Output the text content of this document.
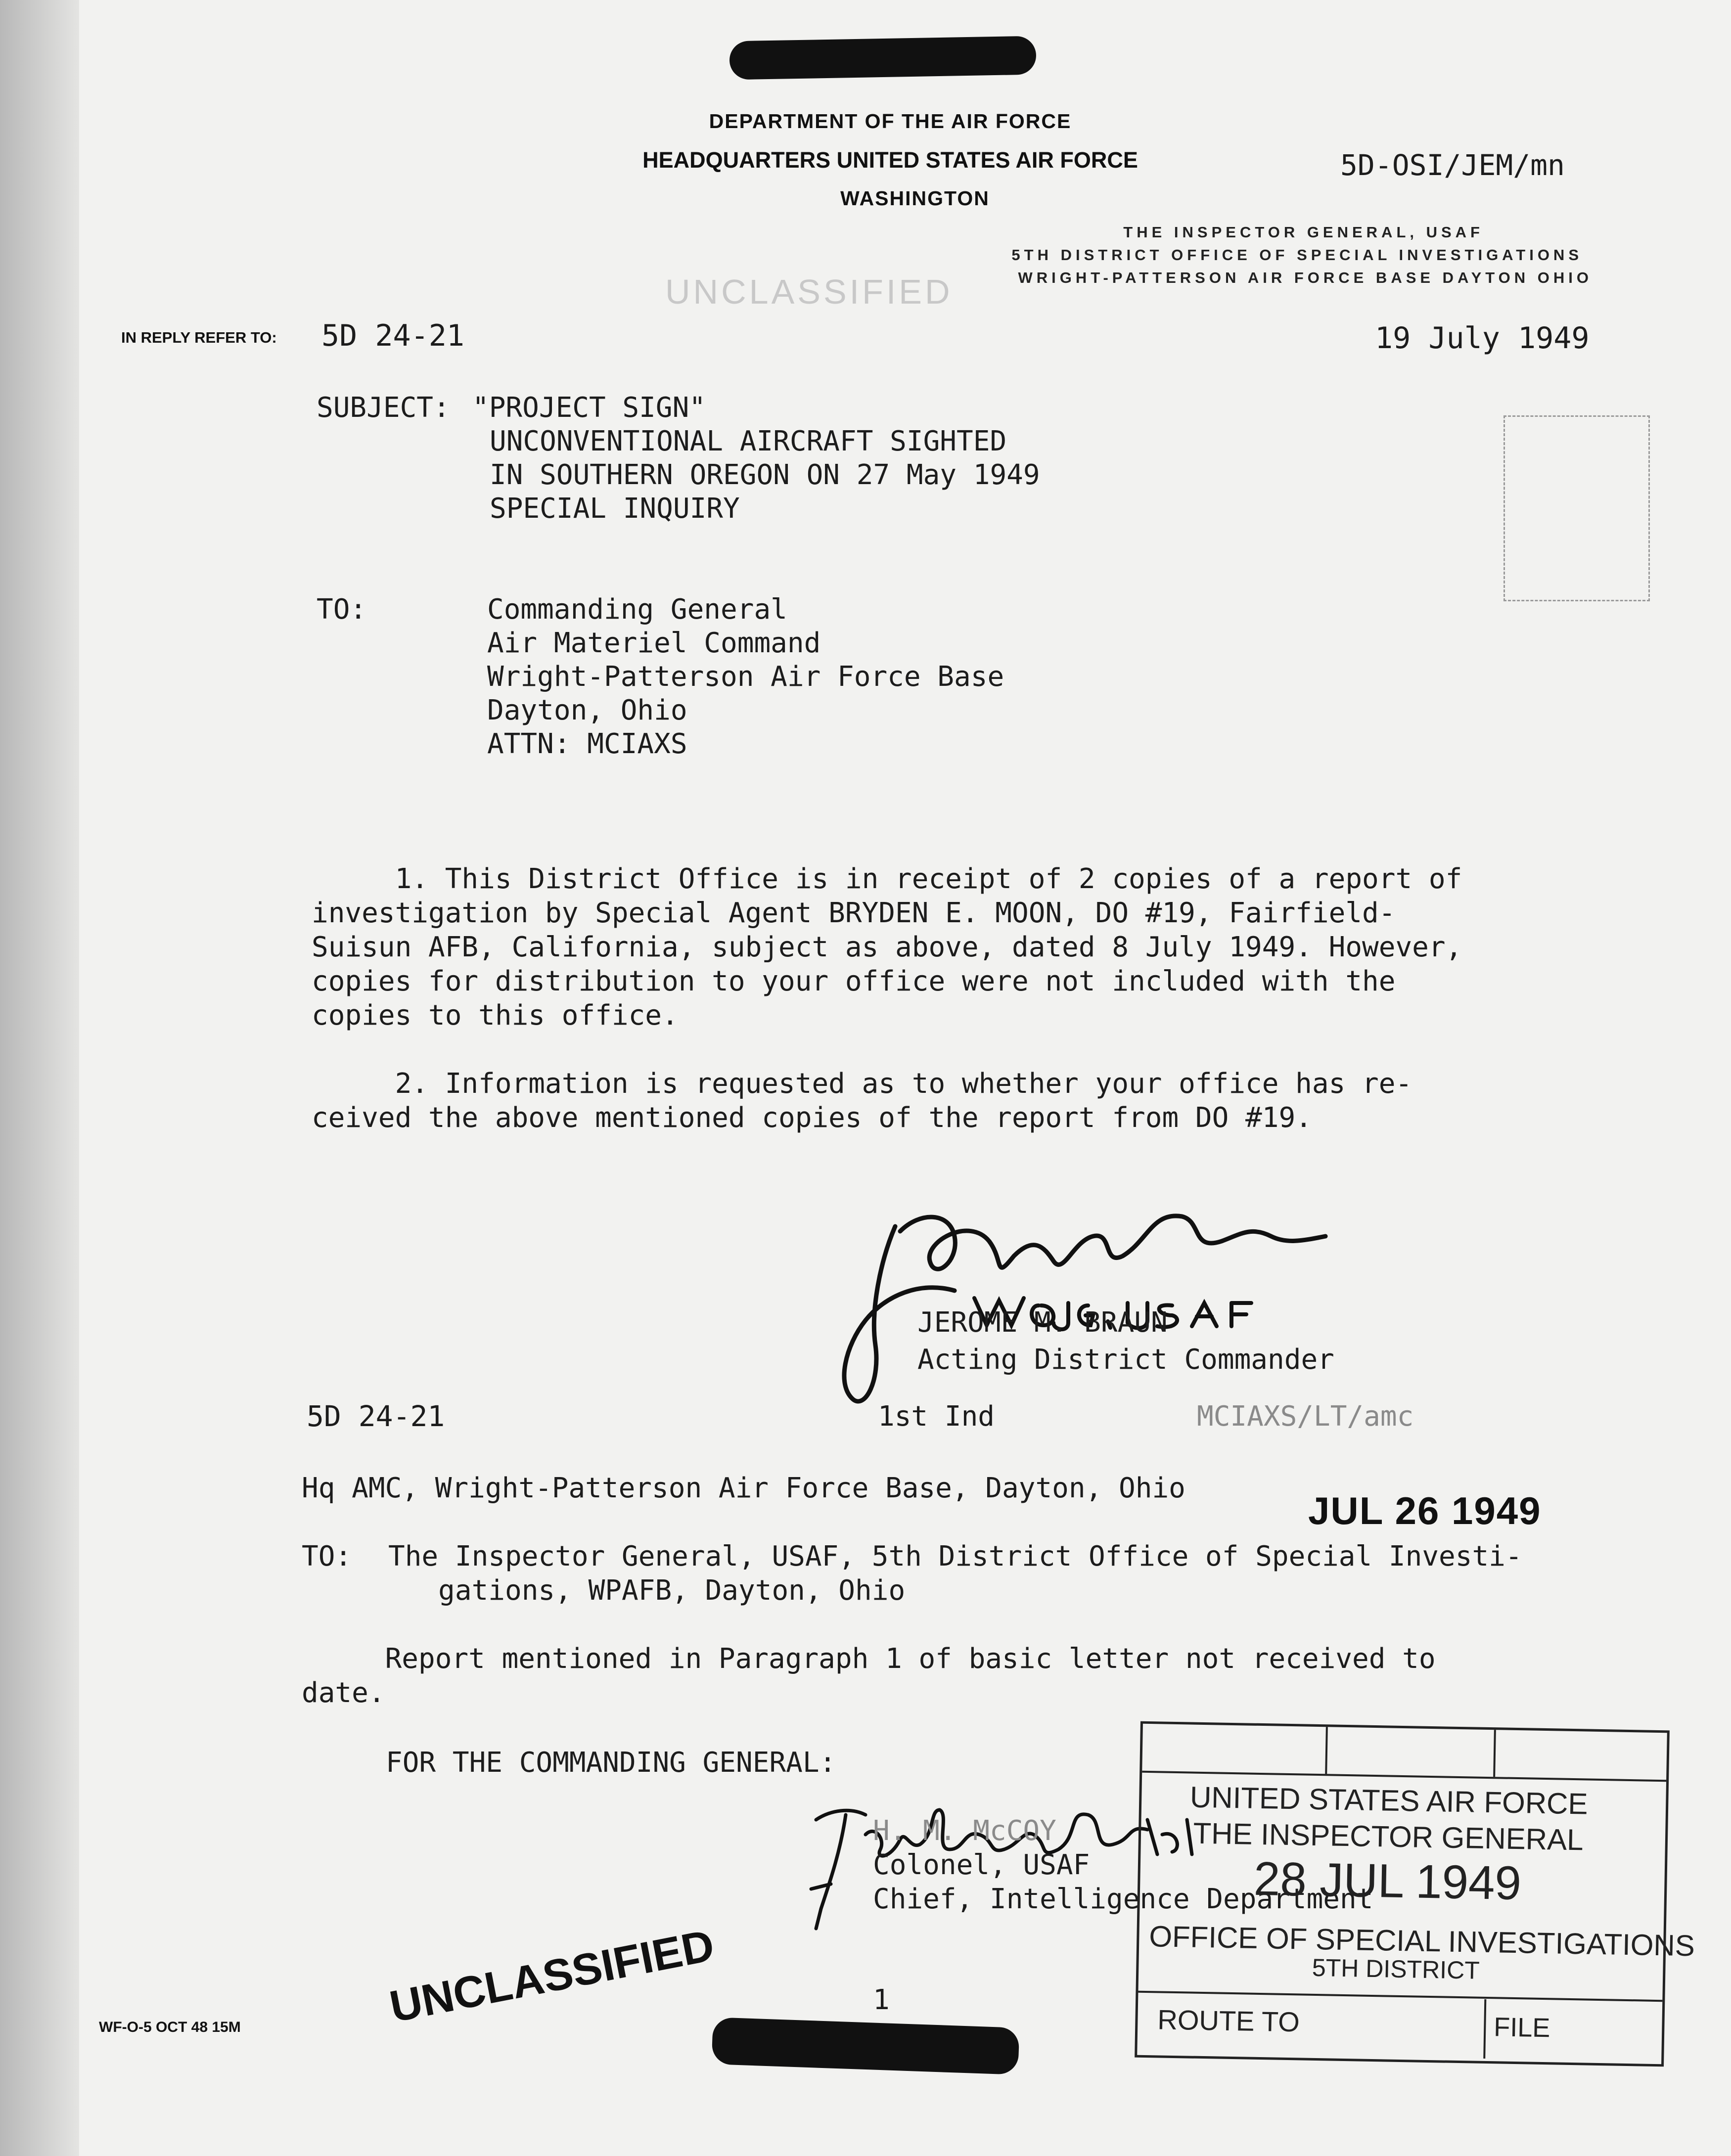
DEPARTMENT OF THE AIR FORCE
HEADQUARTERS UNITED STATES AIR FORCE
WASHINGTON
5D-OSI/JEM/mn
THE INSPECTOR GENERAL, USAF
5TH DISTRICT OFFICE OF SPECIAL INVESTIGATIONS
WRIGHT-PATTERSON AIR FORCE BASE DAYTON OHIO
UNCLASSIFIED
IN REPLY REFER TO: 5D 24-21	19 July 1949
SUBJECT: "PROJECT SIGN"
UNCONVENTIONAL AIRCRAFT SIGHTED
IN SOUTHERN OREGON ON 27 May 1949
SPECIAL INQUIRY
TO:	Commanding General
Air Materiel Command
Wright-Patterson Air Force Base
Dayton, Ohio
ATTN: MCIAXS
1. This District Office is in receipt of 2 copies of a report of
investigation by Special Agent BRYDEN E. MOON, DO #19, Fairfield-
Suisun AFB, California, subject as above, dated 8 July 1949. However,
copies for distribution to your office were not included with the
copies to this office.
2. Information is requested as to whether your office has re-
ceived the above mentioned copies of the report from DO #19.
JEROME M. BRAUN
Acting District Commander
5D 24-21	1st Ind	MCIAXS/LT/amc
Hq AMC, Wright-Patterson Air Force Base, Dayton, Ohio
JUL 26 1949
TO: The Inspector General, USAF, 5th District Office of Special Investi-
gations, WPAFB, Dayton, Ohio
Report mentioned in Paragraph 1 of basic letter not received to
date.
FOR THE COMMANDING GENERAL:
H. M. McCOY
Colonel, USAF
Chief, Intelligence Department
UNITED STATES AIR FORCE
THE INSPECTOR GENERAL
28 JUL 1949
OFFICE OF SPECIAL INVESTIGATIONS
5TH DISTRICT
ROUTE TO	FILE
WF-O-5 OCT 48 15M	UNCLASSIFIED	1
